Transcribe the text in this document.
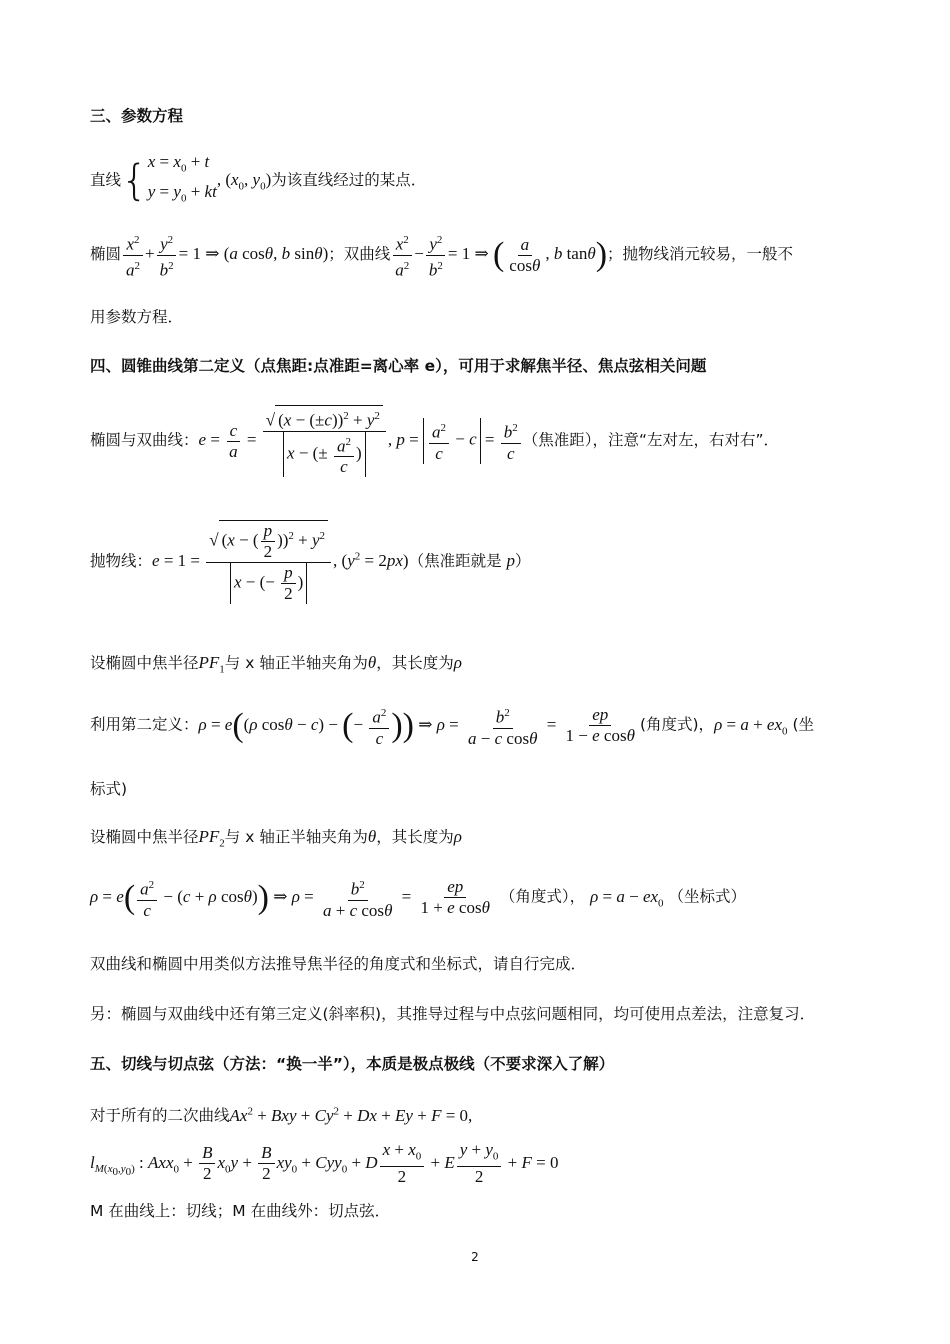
三、参数方程
直线{ $x = x_0 + t$
$y = y_0$ + kt
, ($x_0$, $y_0$)为该直线经过的某点．
椭圆 $\frac{x^2}{a^2} + \frac{y^2}{b^2} = 1$ ⇒ (a cosθ, b sinθ)；双曲线 $\frac{x^2}{a^2} - \frac{y^2}{b^2} = 1$ ⇒ ( $\frac{a}{\cos\theta}$ , b tanθ)；抛物线消元较易，一般不
用参数方程．
四、圆锥曲线第二定义（点焦距:点准距=离心率 e），可用于求解焦半径、焦点弦相关问题
椭圆与双曲线：$e = \frac{c}{a} = \frac{√ (x - (\pm c))^2 + y^2}{x - (\pm \frac{a^2}{c} )}$ , $p = \frac{a^2}{c} - c = \frac{b^2}{c}$ （焦准距），注意“左对左，右对右”．
抛物线：$e = 1 = \frac{√ (x - ( \frac{p}{2} ))^2 + y^2}{x - (- \frac{p}{2} )}$ , $(y^2 = 2px)$（焦准距就是 p）
设椭圆中焦半径$PF_1$与 x 轴正半轴夹角为θ，其长度为ρ
利用第二定义：ρ = e((ρ cosθ − c) − (− $\frac{a^2}{c}$ )) ⇒ $\rho = \frac{b^2}{\text{a − c cosθ}} = \frac{ep}{\text{1 − e cosθ}}$ (角度式)，$\rho = a + ex_0$ (坐
标式)
设椭圆中焦半径$PF_2$与 x 轴正半轴夹角为θ，其长度为ρ
$\rho = e( \frac{a^2}{c} - (c + \rho$ cosθ)) ⇒ $\rho = \frac{b^2}{\text{a + c cosθ}} = \frac{ep}{\text{1 + e cosθ}}$ （角度式）， $\rho = a - ex_0$ （坐标式）
双曲线和椭圆中用类似方法推导焦半径的角度式和坐标式，请自行完成．
另：椭圆与双曲线中还有第三定义(斜率积)，其推导过程与中点弦问题相同，均可使用点差法，注意复习．
五、切线与切点弦（方法：“换一半”），本质是极点极线（不要求深入了解）
对于所有的二次曲线$Ax^2$ + Bxy + $Cy^2 + Dx + Ey + F = 0$,
$l_{M(x_0,y_0)}$ : $Axx_0 + \frac{B}{2} x_0y + \frac{B}{2} xy_0 + Cyy_0 + D \frac{x + x_0}{2} + E \frac{y + y_0}{2} + F = 0$
M 在曲线上：切线；M 在曲线外：切点弦．
2
